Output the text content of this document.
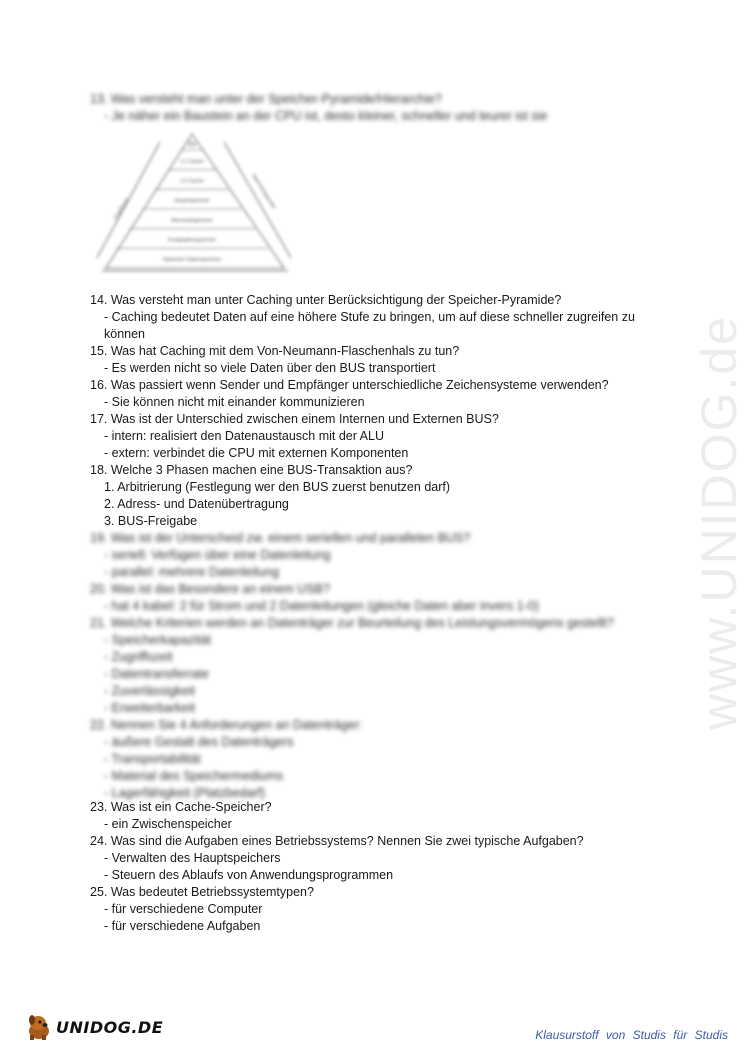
www.UNIDOG.de
13. Was versteht man unter der Speicher-Pyramide/Hierarchie?
- Je näher ein Baustein an der CPU ist, desto kleiner, schneller und teurer ist sie
Zu
L1 Cache
L2 Cache
Hauptspeicher
Wechselspeicher
Festplattenspeicher
Optische Datenspeicher
Zugriffszeit	Speicherkapazität
14. Was versteht man unter Caching unter Berücksichtigung der Speicher-Pyramide?
- Caching bedeutet Daten auf eine höhere Stufe zu bringen, um auf diese schneller zugreifen zu
können
15. Was hat Caching mit dem Von-Neumann-Flaschenhals zu tun?
- Es werden nicht so viele Daten über den BUS transportiert
16. Was passiert wenn Sender und Empfänger unterschiedliche Zeichensysteme verwenden?
- Sie können nicht mit einander kommunizieren
17. Was ist der Unterschied zwischen einem Internen und Externen BUS?
- intern: realisiert den Datenaustausch mit der ALU
- extern: verbindet die CPU mit externen Komponenten
18. Welche 3 Phasen machen eine BUS-Transaktion aus?
1. Arbitrierung (Festlegung wer den BUS zuerst benutzen darf)
2. Adress- und Datenübertragung
3. BUS-Freigabe
19. Was ist der Unterscheid zw. einem seriellen und parallelen BUS?
- seriell: Verfügen über eine Datenleitung
- parallel: mehrere Datenleitung
20. Was ist das Besondere an einem USB?
- hat 4 kabel: 2 für Strom und 2 Datenleitungen (gleiche Daten aber invers 1-0)
21. Welche Kriterien werden an Datenträger zur Beurteilung des Leistungsvermögens gestellt?
- Speicherkapazität
- Zugriffszeit
- Datentransferrate
- Zuverlässigkeit
- Erweiterbarkeit
22. Nennen Sie 4 Anforderungen an Datenträger:
- äußere Gestalt des Datenträgers
- Transportabilität
- Material des Speichermediums
- Lagerfähigkeit (Platzbedarf)
23. Was ist ein Cache-Speicher?
- ein Zwischenspeicher
24. Was sind die Aufgaben eines Betriebssystems? Nennen Sie zwei typische Aufgaben?
- Verwalten des Hauptspeichers
- Steuern des Ablaufs von Anwendungsprogrammen
25. Was bedeutet Betriebssystemtypen?
- für verschiedene Computer
- für verschiedene Aufgaben
UNIDOG.DE	Klausurstoff von Studis für Studis
